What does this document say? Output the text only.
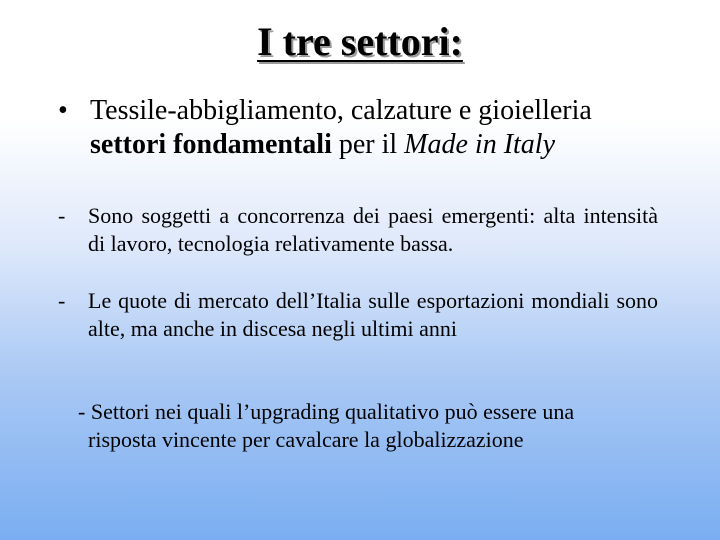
I tre settori:
• Tessile-abbigliamento, calzature e gioielleria
settori fondamentali per il Made in Italy
- Sono soggetti a concorrenza dei paesi emergenti: alta intensità di lavoro, tecnologia relativamente bassa.
- Le quote di mercato dell’Italia sulle esportazioni mondiali sono alte, ma anche in discesa negli ultimi anni
- Settori nei quali l’upgrading qualitativo può essere una
risposta vincente per cavalcare la globalizzazione
